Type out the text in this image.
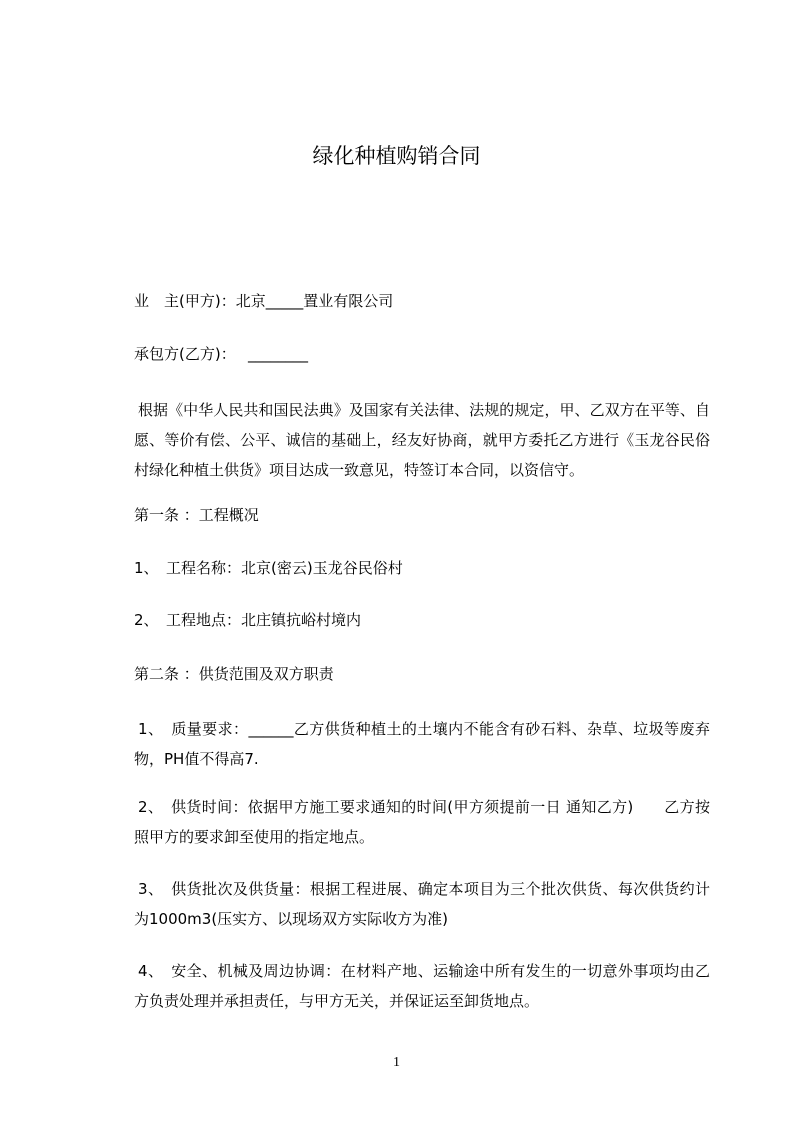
绿化种植购销合同
业　主(甲方)：北京_____置业有限公司
承包方(乙方)：　 ________
根据《中华人民共和国民法典》及国家有关法律、法规的规定，甲、乙双方在平等、自愿、等价有偿、公平、诚信的基础上，经友好协商，就甲方委托乙方进行《玉龙谷民俗村绿化种植土供货》项目达成一致意见，特签订本合同，以资信守。
第一条 ：工程概况
1、　工程名称：北京(密云)玉龙谷民俗村
2、　工程地点：北庄镇抗峪村境内
第二条 ：供货范围及双方职责
1、　质量要求：______乙方供货种植土的土壤内不能含有砂石料、杂草、垃圾等废弃物，PH值不得高7.
2、　供货时间：依据甲方施工要求通知的时间(甲方须提前一日 通知乙方)　　乙方按照甲方的要求卸至使用的指定地点。
3、　供货批次及供货量：根据工程进展、确定本项目为三个批次供货、每次供货约计为1000m3(压实方、以现场双方实际收方为准)
4、　安全、机械及周边协调：在材料产地、运输途中所有发生的一切意外事项均由乙方负责处理并承担责任，与甲方无关，并保证运至卸货地点。
1
